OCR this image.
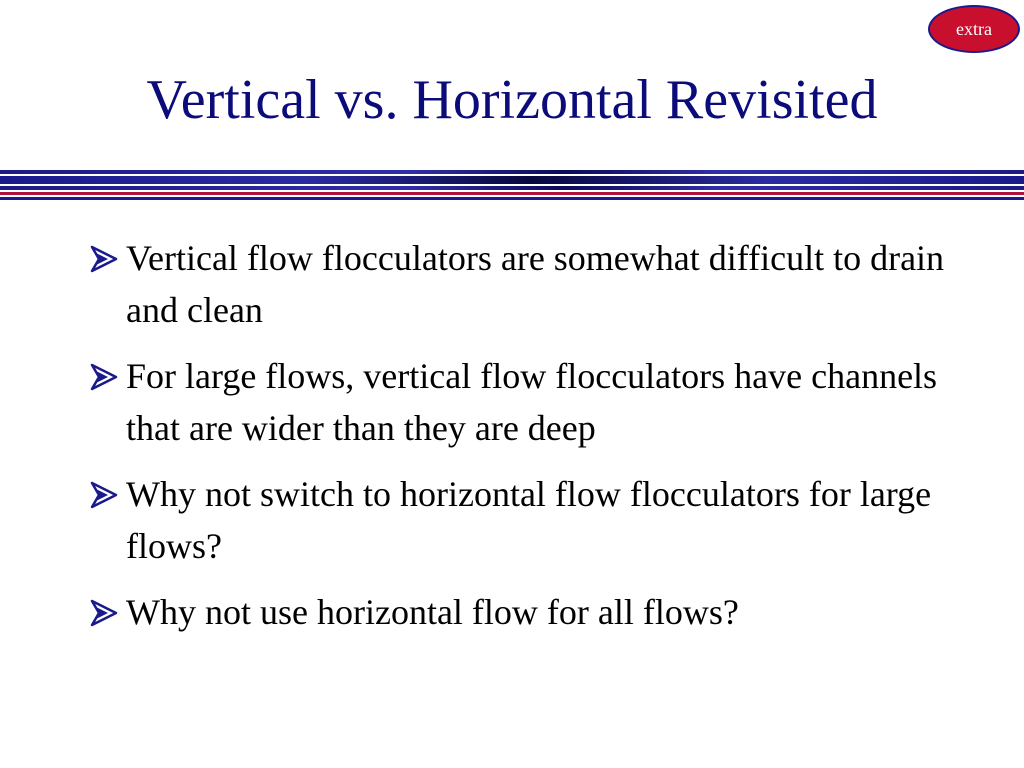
extra
Vertical vs. Horizontal Revisited
Vertical flow flocculators are somewhat difficult to drain and clean
For large flows, vertical flow flocculators have channels that are wider than they are deep
Why not switch to horizontal flow flocculators for large flows?
Why not use horizontal flow for all flows?
